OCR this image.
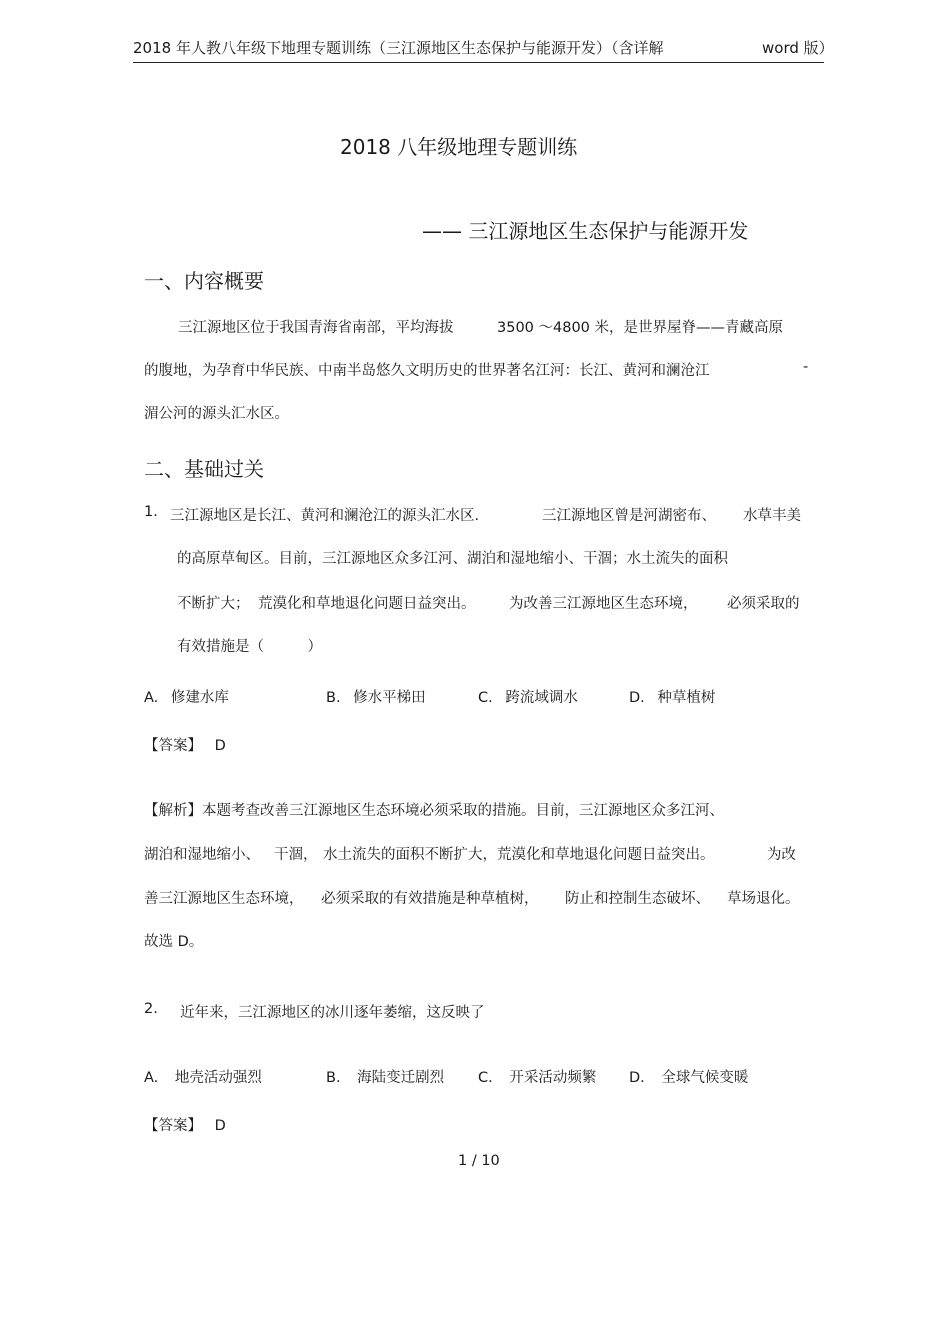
2018 年人教八年级下地理专题训练（三江源地区生态保护与能源开发）（含详解	word 版）
2018 八年级地理专题训练
—— 三江源地区生态保护与能源开发
一、内容概要
三江源地区位于我国青海省南部，平均海拔	3500 ～4800 米，是世界屋脊——青藏高原
的腹地，为孕育中华民族、中南半岛悠久文明历史的世界著名江河：长江、黄河和澜沧江	-
湄公河的源头汇水区。
二、基础过关
1. 三江源地区是长江、黄河和澜沧江的源头汇水区.	三江源地区曾是河湖密布、 水草丰美
的高原草甸区。目前，三江源地区众多江河、湖泊和湿地缩小、干涸；水土流失的面积
不断扩大； 荒漠化和草地退化问题日益突出。 为改善三江源地区生态环境， 必须采取的
有效措施是（　　　）
A. 修建水库	B. 修水平梯田	C. 跨流域调水	D. 种草植树
【答案】 D
【解析】本题考查改善三江源地区生态环境必须采取的措施。目前，三江源地区众多江河、
湖泊和湿地缩小、 干涸， 水土流失的面积不断扩大，荒漠化和草地退化问题日益突出。	为改
善三江源地区生态环境， 必须采取的有效措施是种草植树， 防止和控制生态破坏、 草场退化。
故选 D。
2. 近年来，三江源地区的冰川逐年萎缩，这反映了
A. 地壳活动强烈	B. 海陆变迁剧烈 C. 开采活动频繁 D. 全球气候变暖
【答案】 D
1 / 10
